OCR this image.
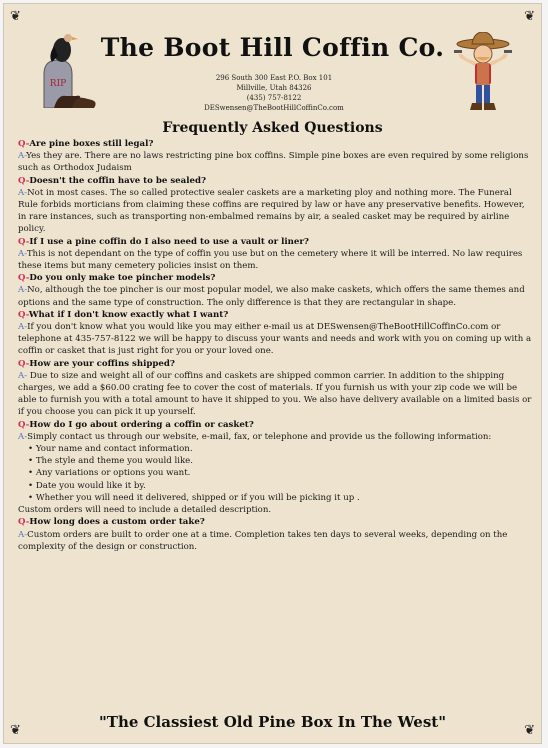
❦	❦
❦	❦
RIP
The Boot Hill Coffin Co.
296 South 300 East P.O. Box 101
Millville, Utah 84326
(435) 757-8122
DESwensen@TheBootHillCoffinCo.com
Frequently Asked Questions
Q-Are pine boxes still legal?

A-Yes they are. There are no laws restricting pine box coffins. Simple pine boxes are even required by some religions such as Orthodox Judaism

Q-Doesn't the coffin have to be sealed?

A-Not in most cases. The so called protective sealer caskets are a marketing ploy and nothing more. The Funeral Rule forbids morticians from claiming these coffins are required by law or have any preservative benefits. However, in rare instances, such as transporting non-embalmed remains by air, a sealed casket may be required by airline policy.

Q-If I use a pine coffin do I also need to use a vault or liner?

A-This is not dependant on the type of coffin you use but on the cemetery where it will be interred. No law requires these items but many cemetery policies insist on them.

Q-Do you only make toe pincher models?

A-No, although the toe pincher is our most popular model, we also make caskets, which offers the same themes and options and the same type of construction. The only difference is that they are rectangular in shape.

Q-What if I don't know exactly what I want?

A-If you don't know what you would like you may either e-mail us at DESwensen@TheBootHillCoffinCo.com or telephone at 435-757-8122 we will be happy to discuss your wants and needs and work with you on coming up with a coffin or casket that is just right for you or your loved one.

Q-How are your coffins shipped?

A- Due to size and weight all of our coffins and caskets are shipped common carrier. In addition to the shipping charges, we add a $60.00 crating fee to cover the cost of materials. If you furnish us with your zip code we will be able to furnish you with a total amount to have it shipped to you. We also have delivery available on a limited basis or if you choose you can pick it up yourself.

Q-How do I go about ordering a coffin or casket?

A-Simply contact us through our website, e-mail, fax, or telephone and provide us the following information:

• Your name and contact information.
• The style and theme you would like.
• Any variations or options you want.
• Date you would like it by.
• Whether you will need it delivered, shipped or if you will be picking it up .

Custom orders will need to include a detailed description.

Q-How long does a custom order take?

A-Custom orders are built to order one at a time. Completion takes ten days to several weeks, depending on the complexity of the design or construction.

"The Classiest Old Pine Box In The West"
